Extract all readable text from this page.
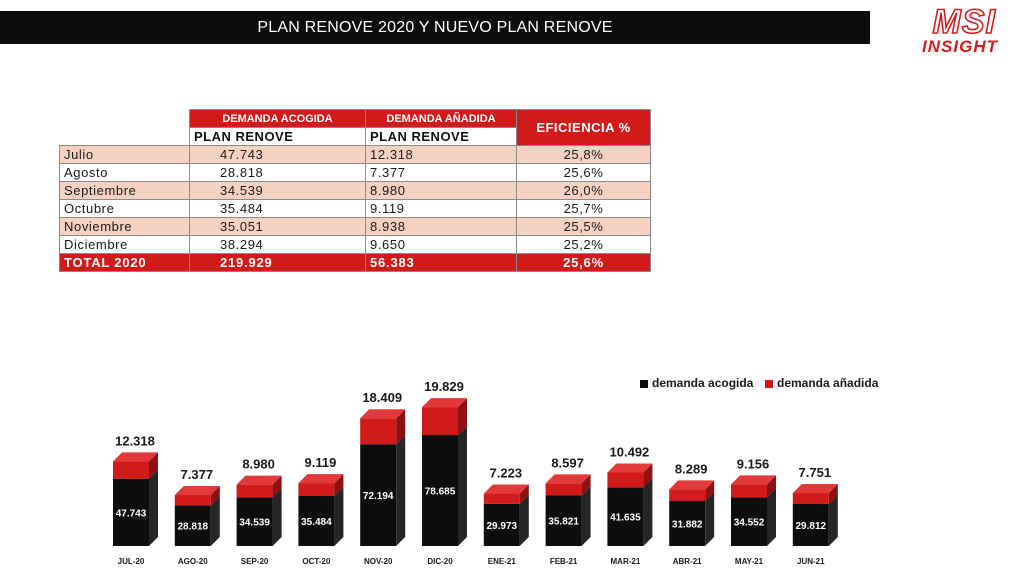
PLAN RENOVE 2020 Y NUEVO PLAN RENOVE	MSI
INSIGHT
	DEMANDA ACOGIDA	DEMANDA AÑADIDA	EFICIENCIA %
	PLAN RENOVE	PLAN RENOVE	
Julio	47.743	12.318	25,8%
Agosto	28.818	7.377	25,6%
Septiembre	34.539	8.980	26,0%
Octubre	35.484	9.119	25,7%
Noviembre	35.051	8.938	25,5%
Diciembre	38.294	9.650	25,2%
TOTAL 2020	219.929	56.383	25,6%
demanda acogida	demanda añadida
47.743
12.318
JUL-20
28.818
7.377
AGO-20
34.539
8.980
SEP-20
35.484
9.119
OCT-20
72.194
18.409
NOV-20
78.685
19.829
DIC-20
29.973
7.223
ENE-21
35.821
8.597
FEB-21
41.635
10.492
MAR-21
31.882
8.289
ABR-21
34.552
9.156
MAY-21
29.812
7.751
JUN-21
